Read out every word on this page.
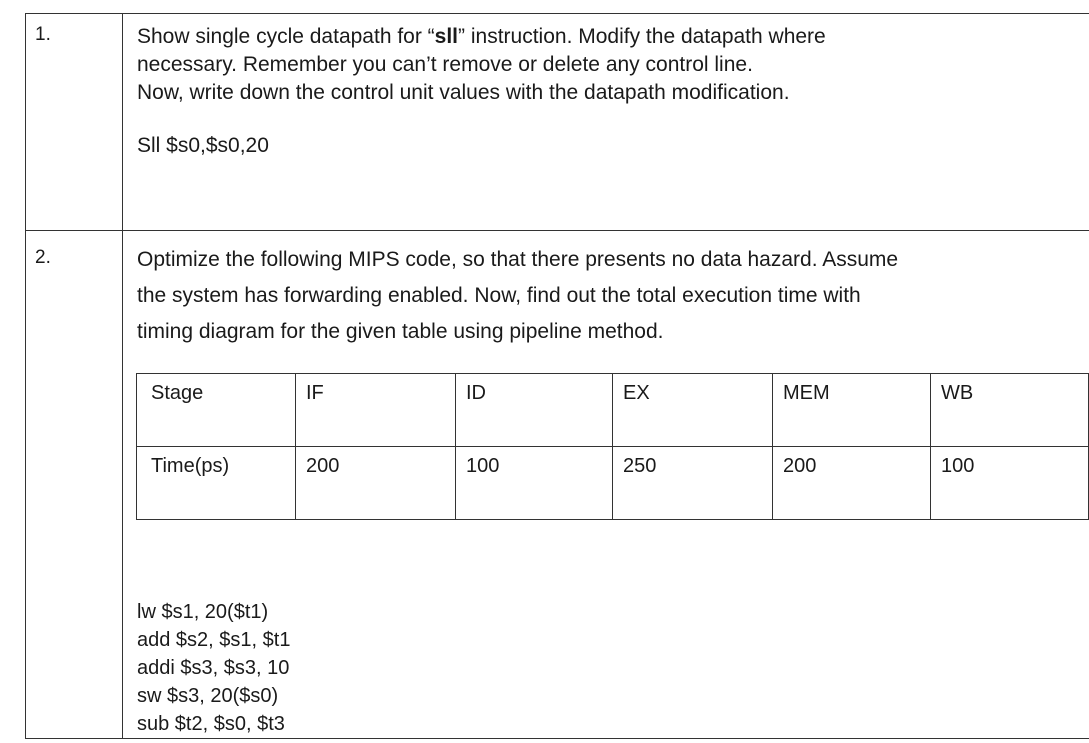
1.	Show single cycle datapath for “sll” instruction. Modify the datapath where
necessary. Remember you can’t remove or delete any control line.
Now, write down the control unit values with the datapath modification.
Sll $s0,$s0,20

2.	Optimize the following MIPS code, so that there presents no data hazard. Assume
the system has forwarding enabled. Now, find out the total execution time with
timing diagram for the given table using pipeline method.
Stage	IF	ID	EX	MEM	WB
Time(ps)	200	100	250	200	100
lw $s1, 20($t1)
add $s2, $s1, $t1
addi $s3, $s3, 10
sw $s3, 20($s0)
sub $t2, $s0, $t3
